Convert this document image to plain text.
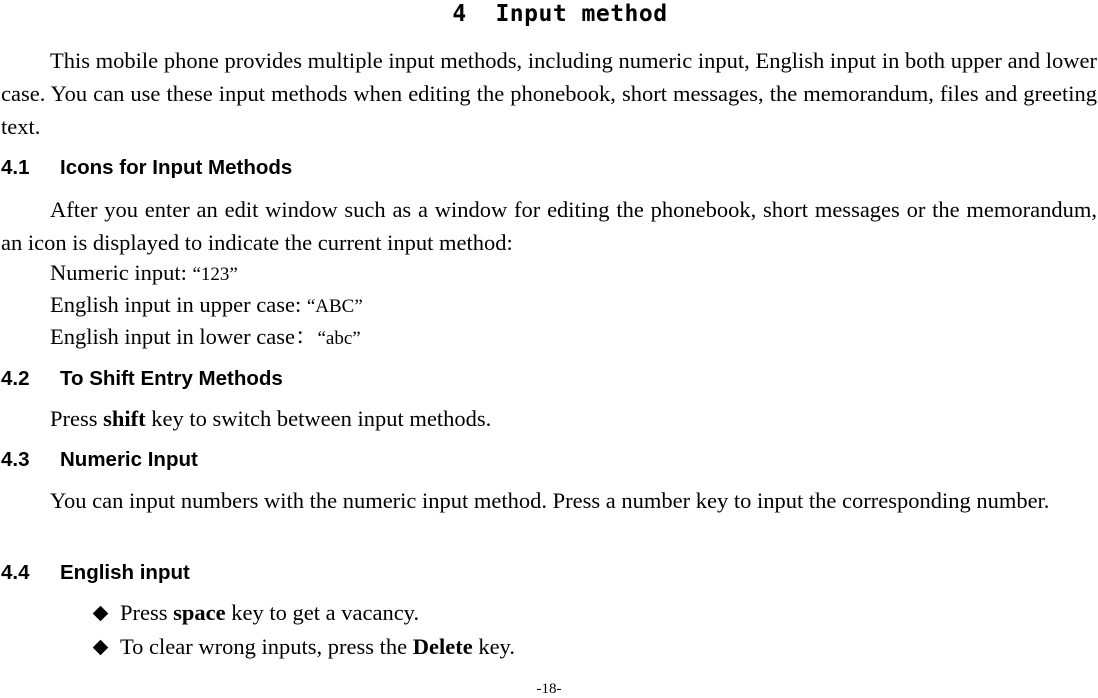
4 Input method

This mobile phone provides multiple input methods, including numeric input, English input in both upper and lower case. You can use these input methods when editing the phonebook, short messages, the memorandum, files and greeting text.

4.1 Icons for Input Methods

After you enter an edit window such as a window for editing the phonebook, short messages or the memorandum, an icon is displayed to indicate the current input method:

Numeric input: “123”
English input in upper case: “ABC”
English input in lower case：“abc”
4.2 To Shift Entry Methods
Press shift key to switch between input methods.
4.3 Numeric Input

You can input numbers with the numeric input method. Press a number key to input the corresponding number.

4.4 English input
Press space key to get a vacancy.
To clear wrong inputs, press the Delete key.
-18-
